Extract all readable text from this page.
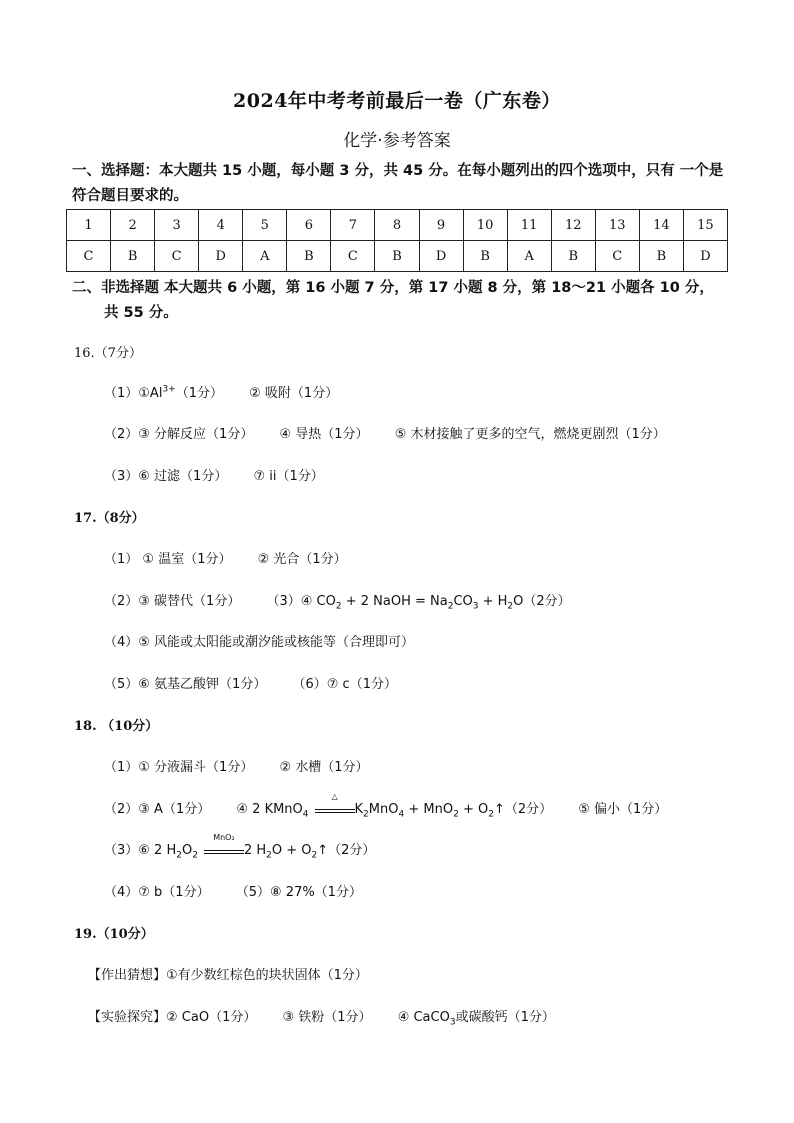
2024年中考考前最后一卷（广东卷）
化学·参考答案
一、选择题：本大题共 15 小题，每小题 3 分，共 45 分。在每小题列出的四个选项中，只有 一个是符合题目要求的。
1	2	3	4	5	6	7	8	9	10	11	12	13	14	15
C	B	C	D	A	B	C	B	D	B	A	B	C	B	D
二、非选择题 本大题共 6 小题，第 16 小题 7 分，第 17 小题 8 分，第 18～21 小题各 10 分，
共 55 分。
16.（7分）
$(1)①Al^{3+}(1$分） ② 吸附（1分）
（2）③ 分解反应（1分） ④ 导热（1分） ⑤ 木材接触了更多的空气，燃烧更剧烈（1分）
（3）⑥ 过滤（1分） ⑦ ii（1分）
17.（8分）
（1） ① 温室（1分） ② 光合（1分）
（2）③ 碳替代（1分） （3）④ $CO_2 + 2$ NaOH = $Na_2CO_3 + H_2O(2$分）
（4）⑤ 风能或太阳能或潮汐能或核能等（合理即可）
（5）⑥ 氨基乙酸钾（1分） （6）⑦ c（1分）
18. （10分）
（1）① 分液漏斗（1分） ② 水槽（1分）
（2）③ A（1分） ④ 2 KMnO$_4$
△
$K_2MnO_4 + MnO_2$ + $O_2↑(2$分） ⑤ 偏小（1分）
（3）⑥ 2 $H_2O_2$
MnO₂
2 $H_2O$ + $O_2↑(2$分）
（4）⑦ b（1分） （5）⑧ 27%（1分）
19.（10分）
【作出猜想】①有少数红棕色的块状固体（1分）
【实验探究】② CaO（1分） ③ 铁粉（1分） ④ CaCO$_3$或碳酸钙（1分）
